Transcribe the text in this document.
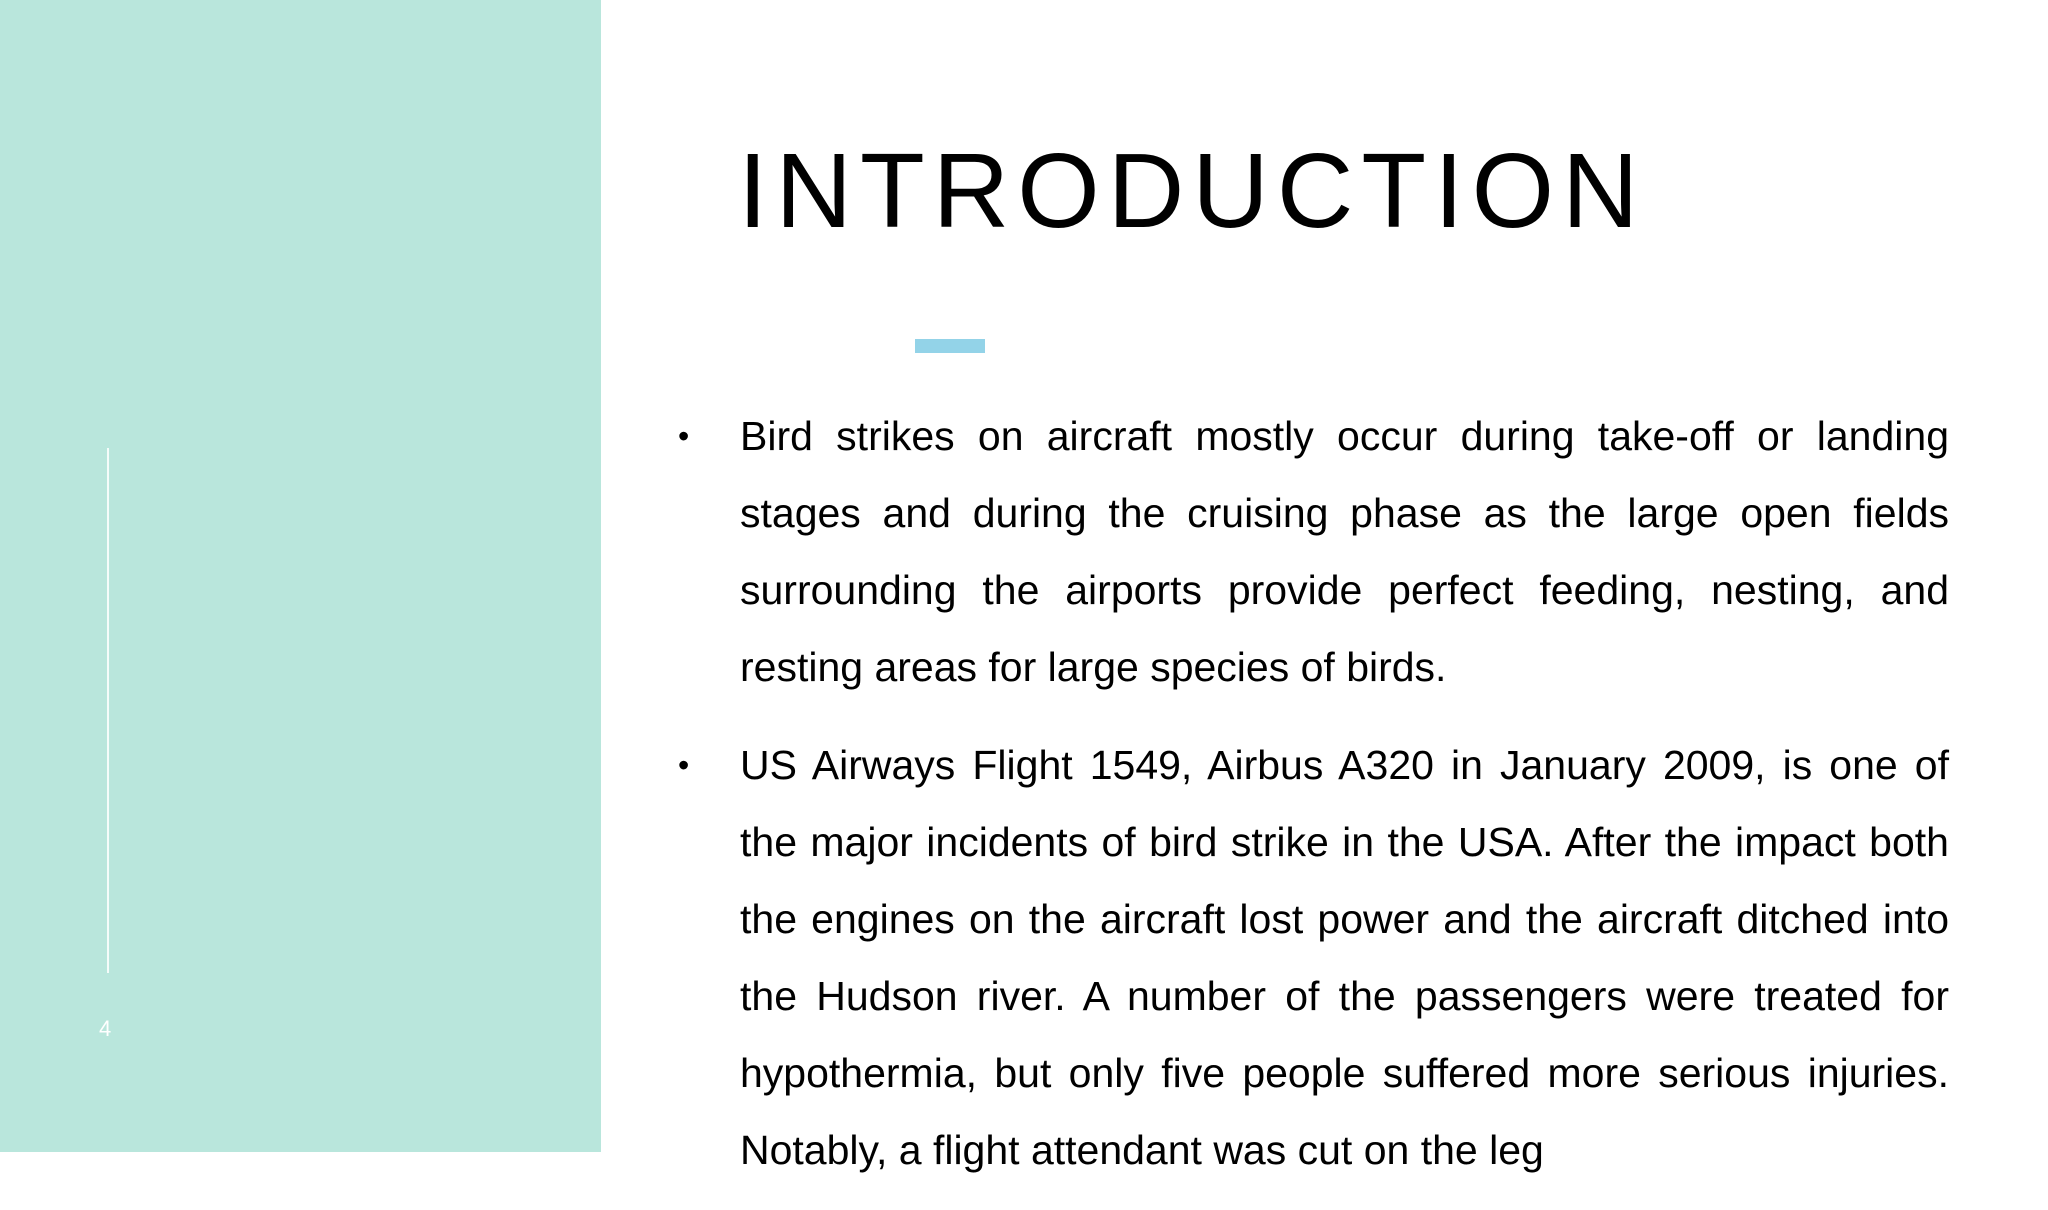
4
INTRODUCTION
• Bird strikes on aircraft mostly occur during take-off or landing stages and during the cruising phase as the large open fields surrounding the airports provide perfect feeding, nesting, and resting areas for large species of birds.
• US Airways Flight 1549, Airbus A320 in January 2009, is one of the major incidents of bird strike in the USA. After the impact both the engines on the aircraft lost power and the aircraft ditched into the Hudson river. A number of the passengers were treated for hypothermia, but only five people suffered more serious injuries. Notably, a flight attendant was cut on the leg
